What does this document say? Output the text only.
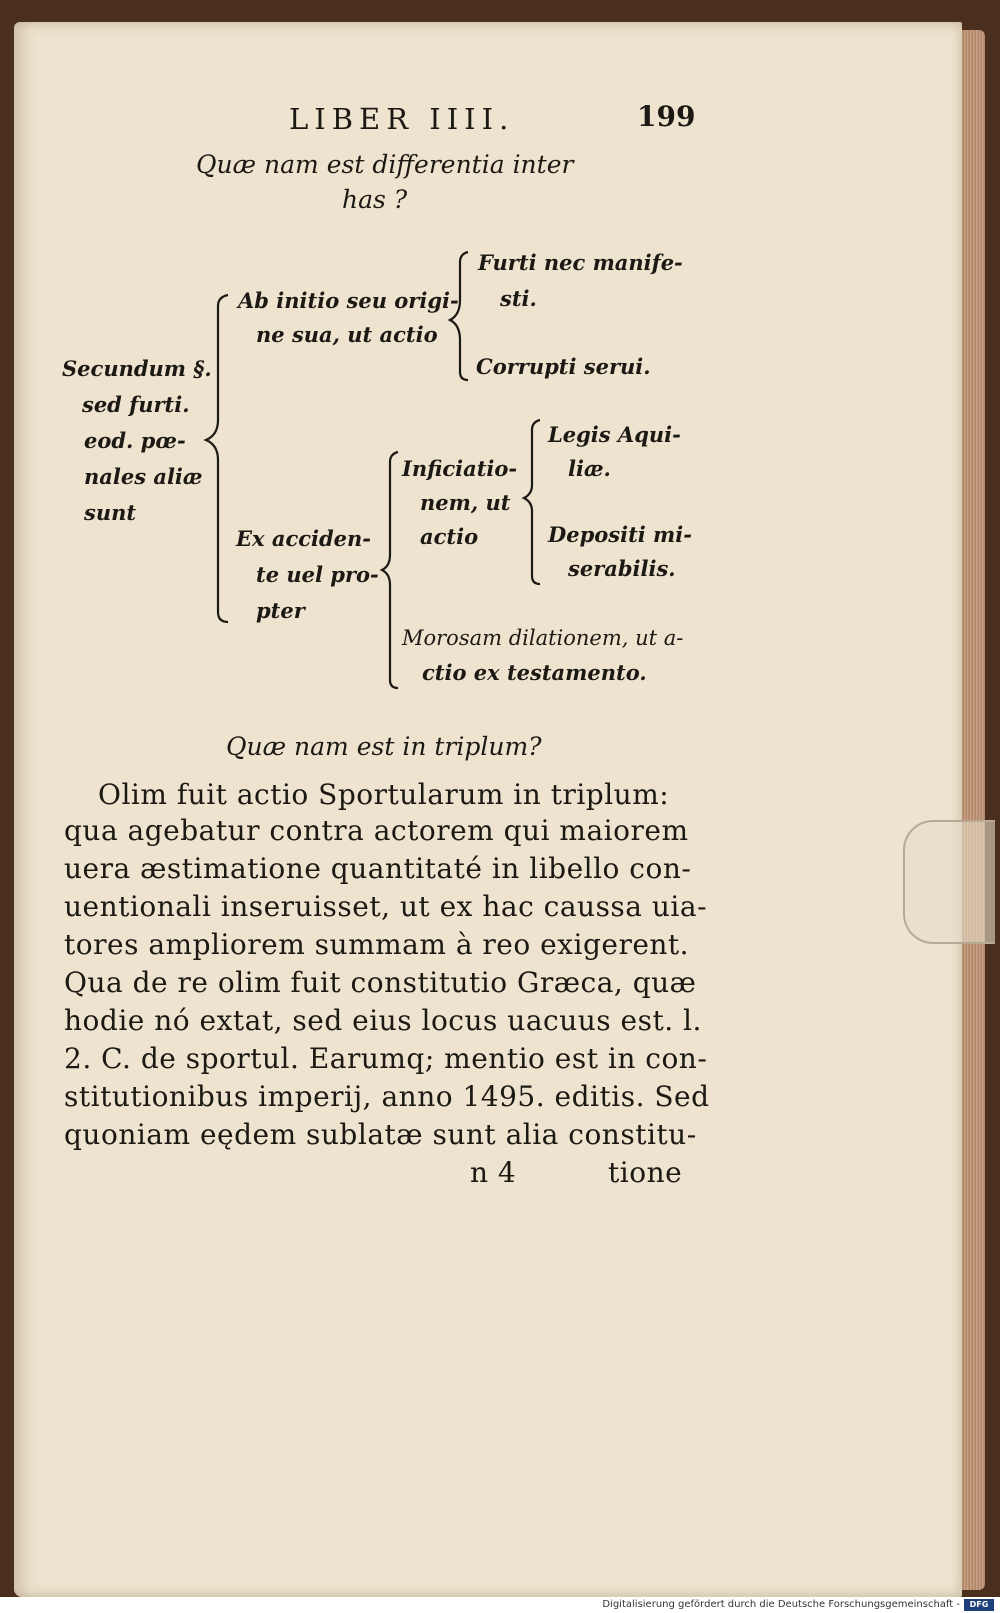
LIBER IIII.	199
Quæ nam est differentia inter
has ?
Secundum §.
sed furti.
eod. pœ-
nales aliæ
sunt
Ab initio seu origi-
ne sua, ut actio
Furti nec manife-
sti.
Corrupti serui.
Ex acciden-
te uel pro-
pter
Inficiatio-
nem, ut
actio
Legis Aqui-
liæ.
Depositi mi-
serabilis.
Morosam dilationem, ut a-
ctio ex testamento.
Quæ nam est in triplum?
Olim fuit actio Sportularum in triplum:
qua agebatur contra actorem qui maiorem
uera æstimatione quantitaté in libello con-
uentionali inseruisset, ut ex hac caussa uia-
tores ampliorem summam à reo exigerent.
Qua de re olim fuit constitutio Græca, quæ
hodie nó extat, sed eius locus uacuus est. l.
2. C. de sportul. Earumq; mentio est in con-
stitutionibus imperij, anno 1495. editis. Sed
quoniam eędem sublatæ sunt alia constitu-
n 4	tione
Digitalisierung gefördert durch die Deutsche Forschungsgemeinschaft -	DFG
